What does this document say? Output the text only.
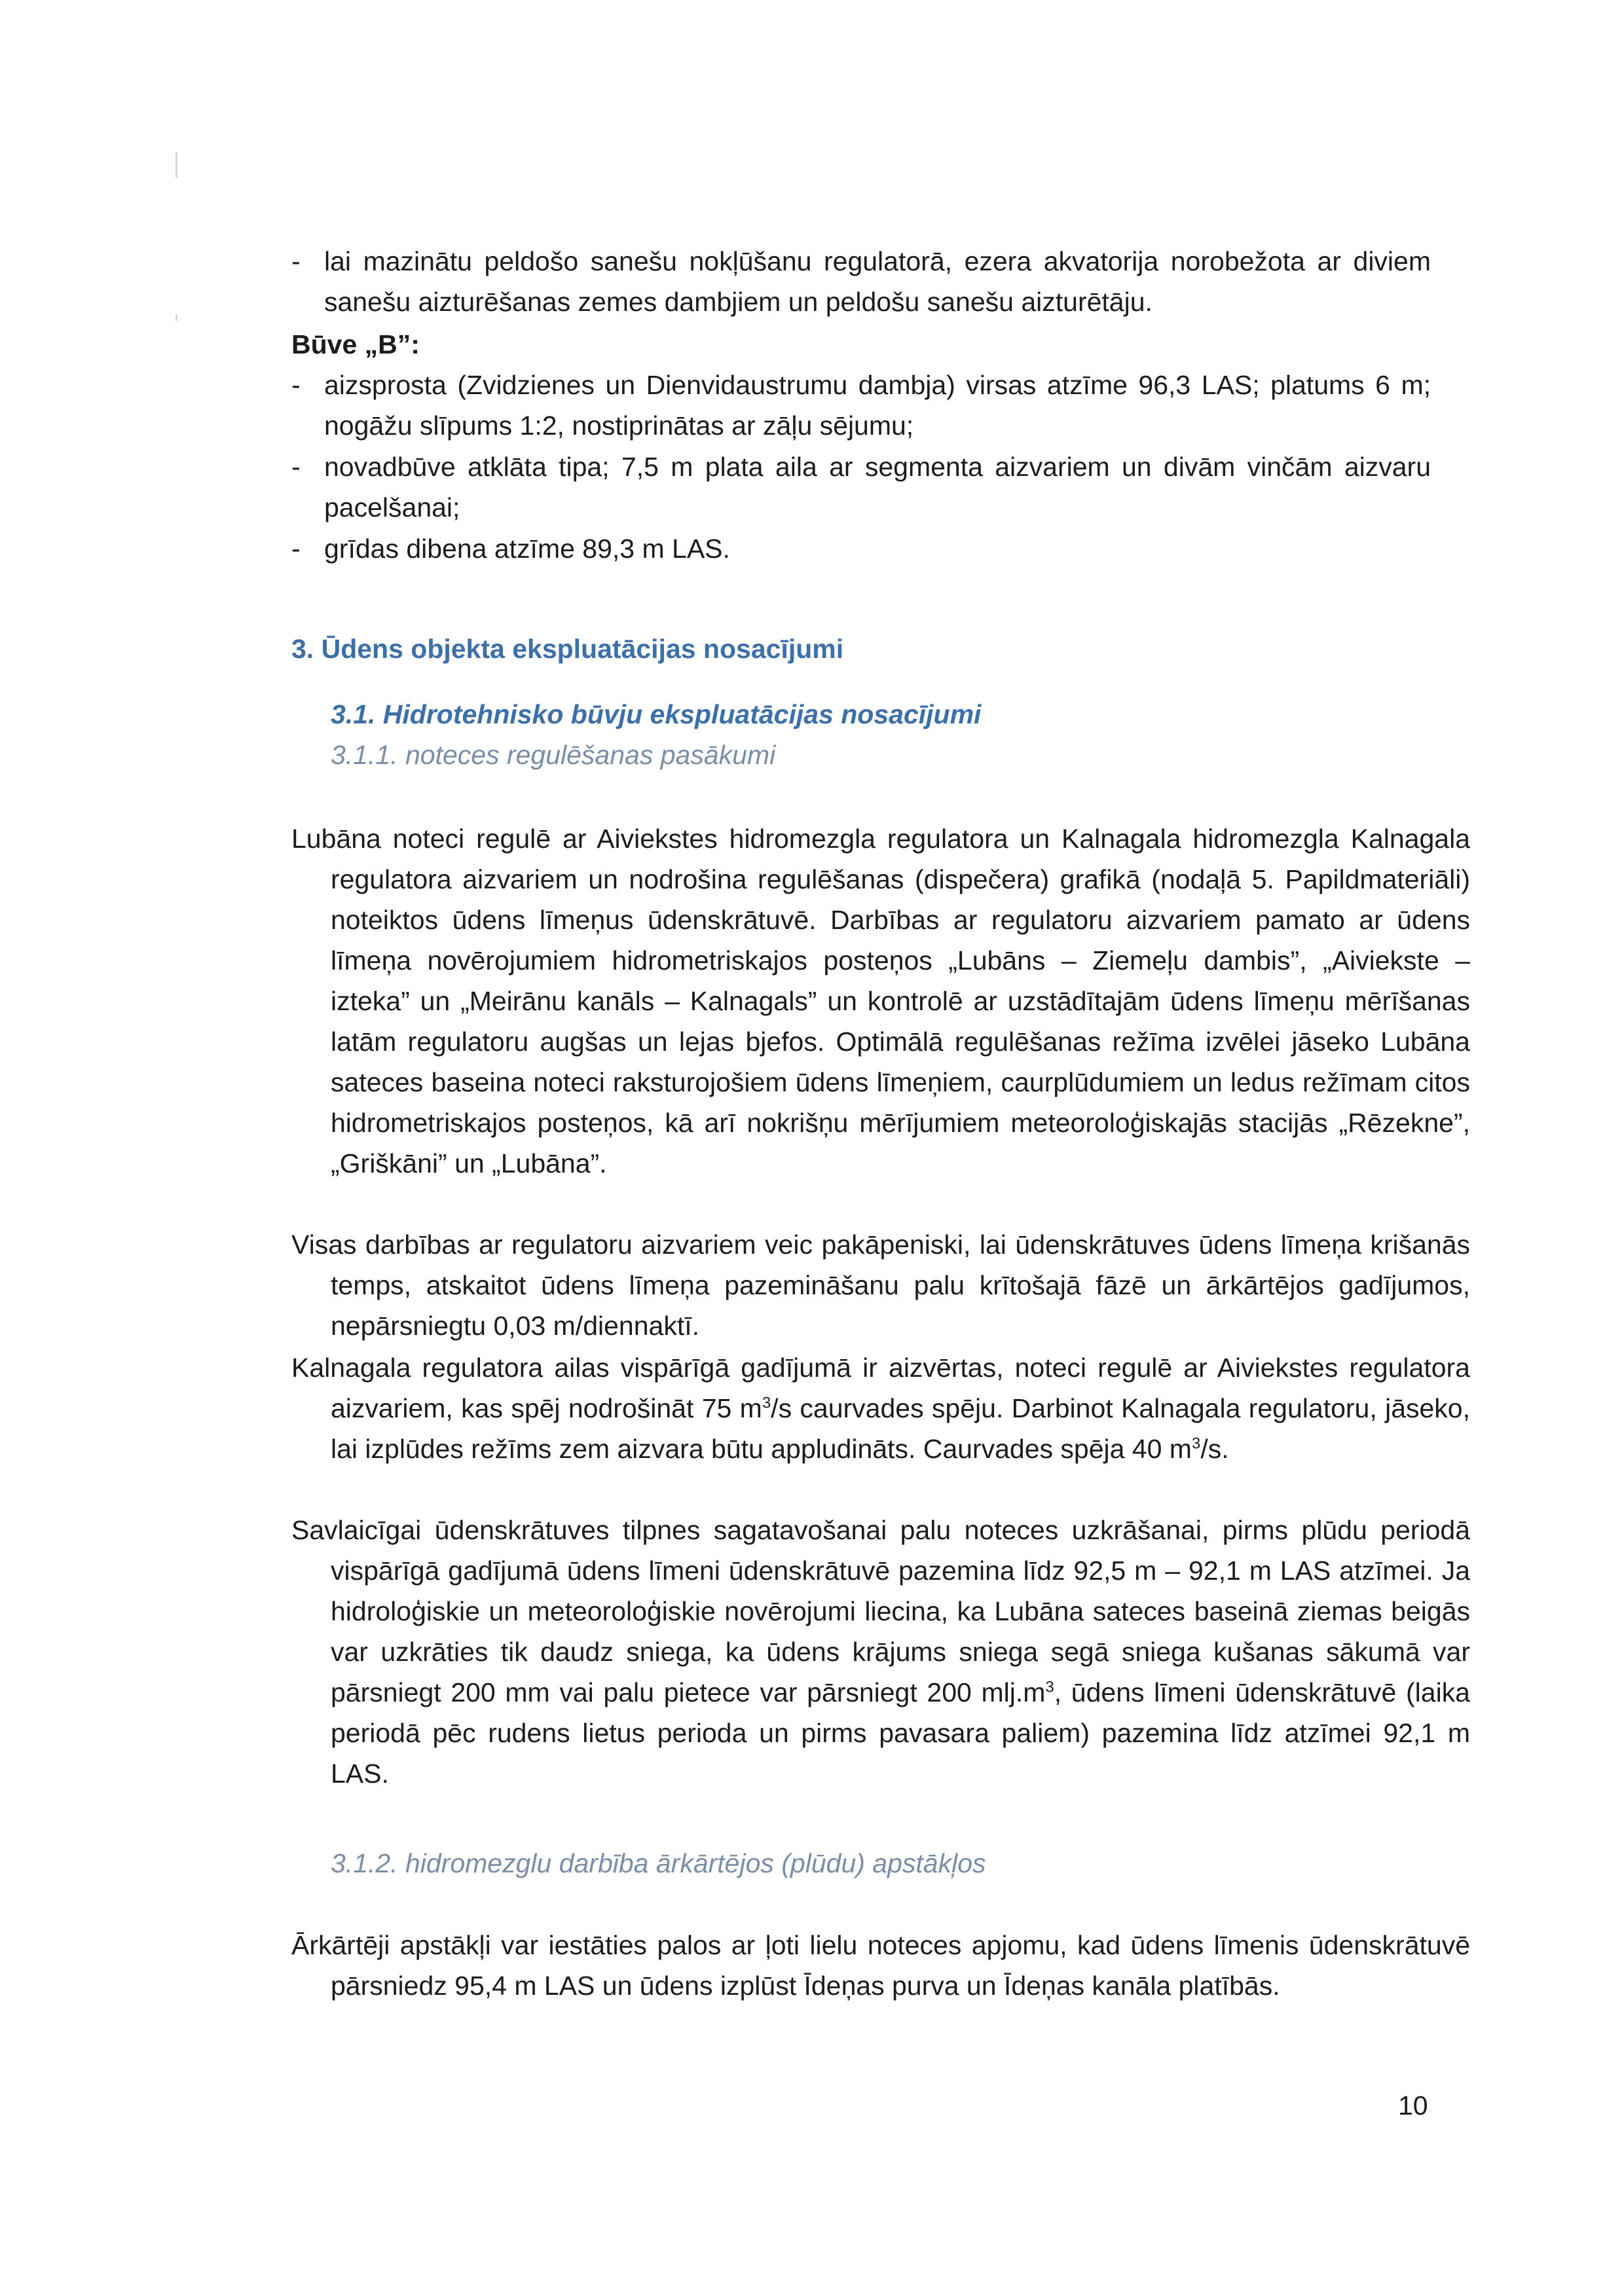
- lai mazinātu peldošo sanešu nokļūšanu regulatorā, ezera akvatorija norobežota ar diviem sanešu aizturēšanas zemes dambjiem un peldošu sanešu aizturētāju.

Būve „B”:

- aizsprosta (Zvidzienes un Dienvidaustrumu dambja) virsas atzīme 96,3 LAS; platums 6 m; nogāžu slīpums 1:2, nostiprinātas ar zāļu sējumu;
- novadbūve atklāta tipa; 7,5 m plata aila ar segmenta aizvariem un divām vinčām aizvaru pacelšanai;
- grīdas dibena atzīme 89,3 m LAS.

3. Ūdens objekta ekspluatācijas nosacījumi

3.1. Hidrotehnisko būvju ekspluatācijas nosacījumi

3.1.1. noteces regulēšanas pasākumi

Lubāna noteci regulē ar Aiviekstes hidromezgla regulatora un Kalnagala hidromezgla Kalnagala regulatora aizvariem un nodrošina regulēšanas (dispečera) grafikā (nodaļā 5. Papildmateriāli) noteiktos ūdens līmeņus ūdenskrātuvē. Darbības ar regulatoru aizvariem pamato ar ūdens līmeņa novērojumiem hidrometriskajos posteņos „Lubāns – Ziemeļu dambis”, „Aiviekste – izteka” un „Meirānu kanāls – Kalnagals” un kontrolē ar uzstādītajām ūdens līmeņu mērīšanas latām regulatoru augšas un lejas bjefos. Optimālā regulēšanas režīma izvēlei jāseko Lubāna sateces baseina noteci raksturojošiem ūdens līmeņiem, caurplūdumiem un ledus režīmam citos hidrometriskajos posteņos, kā arī nokrišņu mērījumiem meteoroloģiskajās stacijās „Rēzekne”, „Griškāni” un „Lubāna”.

Visas darbības ar regulatoru aizvariem veic pakāpeniski, lai ūdenskrātuves ūdens līmeņa krišanās temps, atskaitot ūdens līmeņa pazemināšanu palu krītošajā fāzē un ārkārtējos gadījumos, nepārsniegtu 0,03 m/diennaktī.

Kalnagala regulatora ailas vispārīgā gadījumā ir aizvērtas, noteci regulē ar Aiviekstes regulatora aizvariem, kas spēj nodrošināt 75 $m^3/s$ caurvades spēju. Darbinot Kalnagala regulatoru, jāseko, lai izplūdes režīms zem aizvara būtu appludināts. Caurvades spēja 40 $m^3/s$.

Savlaicīgai ūdenskrātuves tilpnes sagatavošanai palu noteces uzkrāšanai, pirms plūdu periodā vispārīgā gadījumā ūdens līmeni ūdenskrātuvē pazemina līdz 92,5 m – 92,1 m LAS atzīmei. Ja hidroloģiskie un meteoroloģiskie novērojumi liecina, ka Lubāna sateces baseinā ziemas beigās var uzkrāties tik daudz sniega, ka ūdens krājums sniega segā sniega kušanas sākumā var pārsniegt 200 mm vai palu pietece var pārsniegt 200 $mlj.m^3$, ūdens līmeni ūdenskrātuvē (laika periodā pēc rudens lietus perioda un pirms pavasara paliem) pazemina līdz atzīmei 92,1 m LAS.

3.1.2. hidromezglu darbība ārkārtējos (plūdu) apstākļos

Ārkārtēji apstākļi var iestāties palos ar ļoti lielu noteces apjomu, kad ūdens līmenis ūdenskrātuvē pārsniedz 95,4 m LAS un ūdens izplūst Īdeņas purva un Īdeņas kanāla platībās.

10
